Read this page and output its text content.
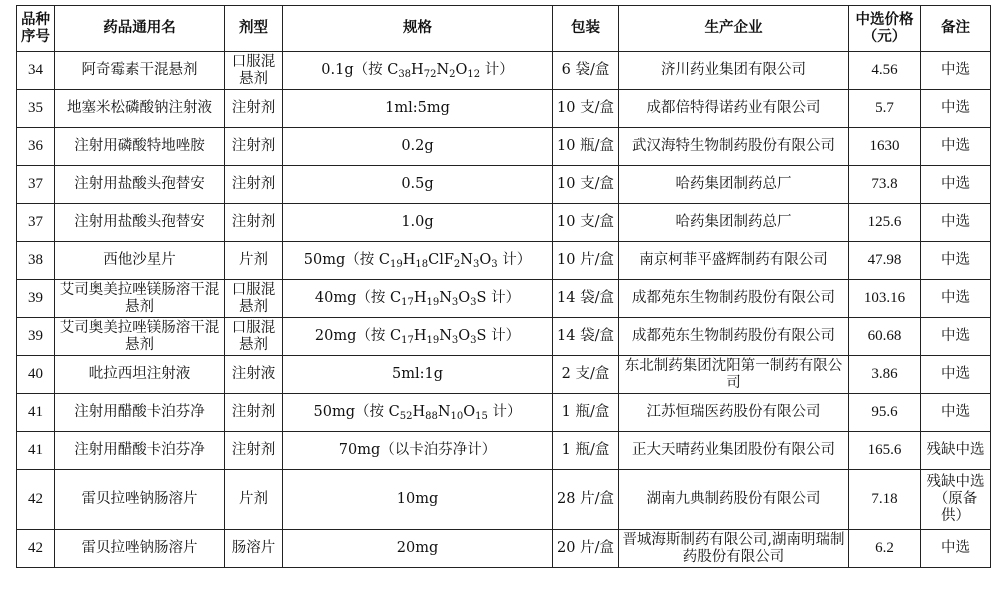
品种序号	药品通用名	剂型	规格	包装	生产企业	中选价格（元）	备注
34	阿奇霉素干混悬剂	口服混悬剂	0.1g（按 $C_{38}H_{72}N_2O_{12}$ 计）	6 袋/盒	济川药业集团有限公司	4.56	中选
35	地塞米松磷酸钠注射液	注射剂	1ml:5mg	10 支/盒	成都倍特得诺药业有限公司	5.7	中选
36	注射用磷酸特地唑胺	注射剂	0.2g	10 瓶/盒	武汉海特生物制药股份有限公司	1630	中选
37	注射用盐酸头孢替安	注射剂	0.5g	10 支/盒	哈药集团制药总厂	73.8	中选
37	注射用盐酸头孢替安	注射剂	1.0g	10 支/盒	哈药集团制药总厂	125.6	中选
38	西他沙星片	片剂	50mg（按 $C_{19}H_{18}ClF_2N_3O_3$ 计）	10 片/盒	南京柯菲平盛辉制药有限公司	47.98	中选
39	艾司奥美拉唑镁肠溶干混悬剂	口服混悬剂	40mg（按 $C_{17}H_{19}N_3O_3S$ 计）	14 袋/盒	成都苑东生物制药股份有限公司	103.16	中选
39	艾司奥美拉唑镁肠溶干混悬剂	口服混悬剂	20mg（按 $C_{17}H_{19}N_3O_3S$ 计）	14 袋/盒	成都苑东生物制药股份有限公司	60.68	中选
40	吡拉西坦注射液	注射液	5ml:1g	2 支/盒	东北制药集团沈阳第一制药有限公司	3.86	中选
41	注射用醋酸卡泊芬净	注射剂	50mg（按 $C_{52}H_{88}N_{10}O_{15}$ 计）	1 瓶/盒	江苏恒瑞医药股份有限公司	95.6	中选
41	注射用醋酸卡泊芬净	注射剂	70mg（以卡泊芬净计）	1 瓶/盒	正大天晴药业集团股份有限公司	165.6	残缺中选
42	雷贝拉唑钠肠溶片	片剂	10mg	28 片/盒	湖南九典制药股份有限公司	7.18	残缺中选（原备供）
42	雷贝拉唑钠肠溶片	肠溶片	20mg	20 片/盒	晋城海斯制药有限公司,湖南明瑞制药股份有限公司	6.2	中选
